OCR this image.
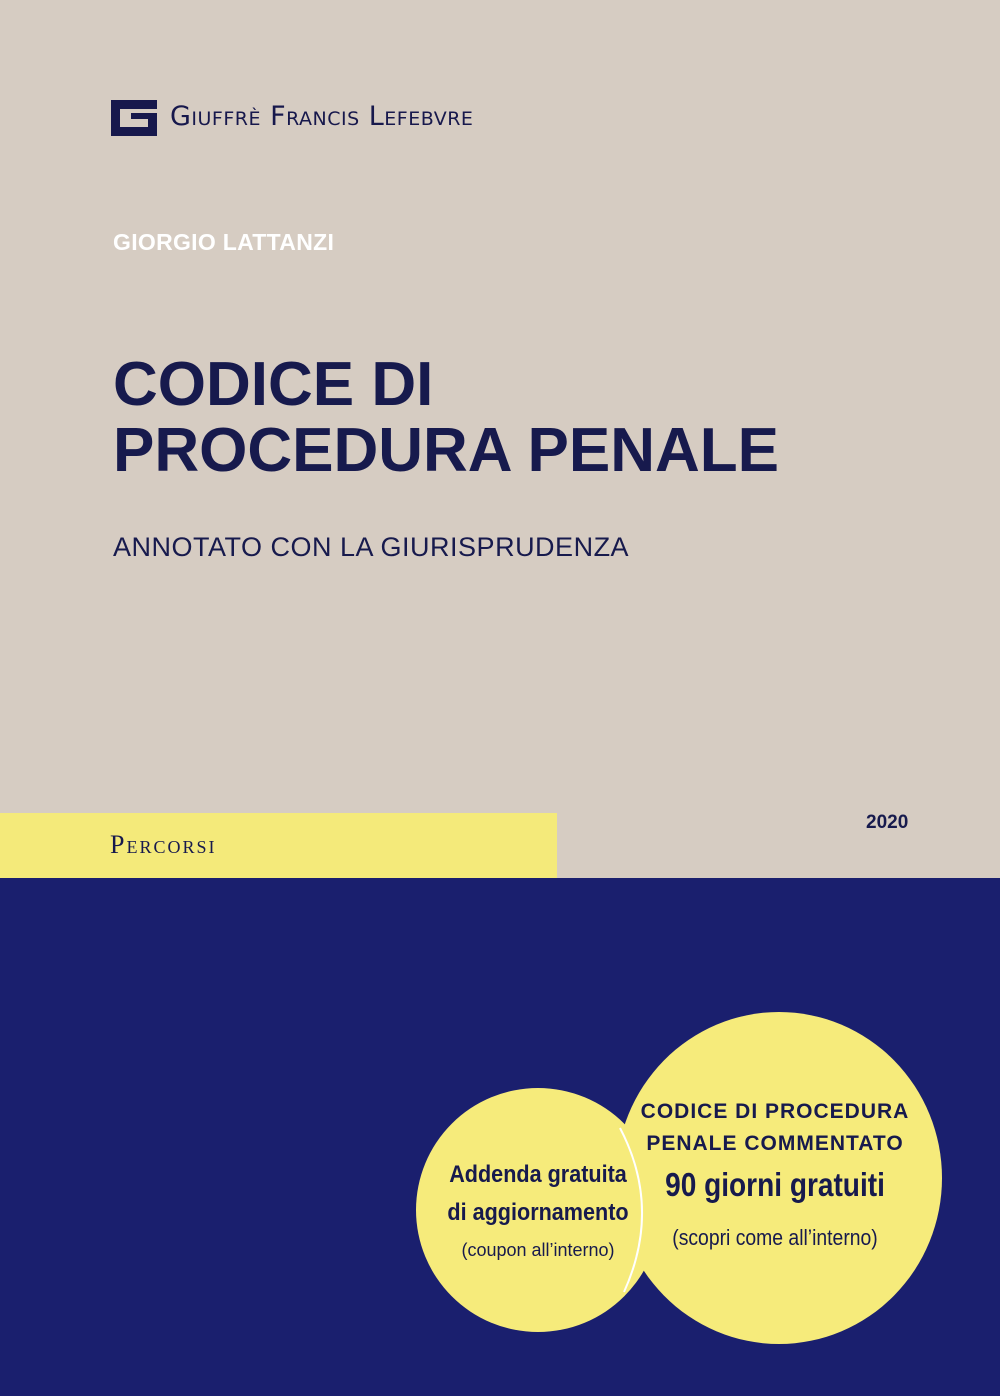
Giuffrè Francis Lefebvre
GIORGIO LATTANZI
CODICE DI
PROCEDURA PENALE
ANNOTATO CON LA GIURISPRUDENZA
Percorsi
2020
Addenda gratuita
di aggiornamento
(coupon all’interno)
CODICE DI PROCEDURA
PENALE COMMENTATO
90 giorni gratuiti
(scopri come all’interno)
